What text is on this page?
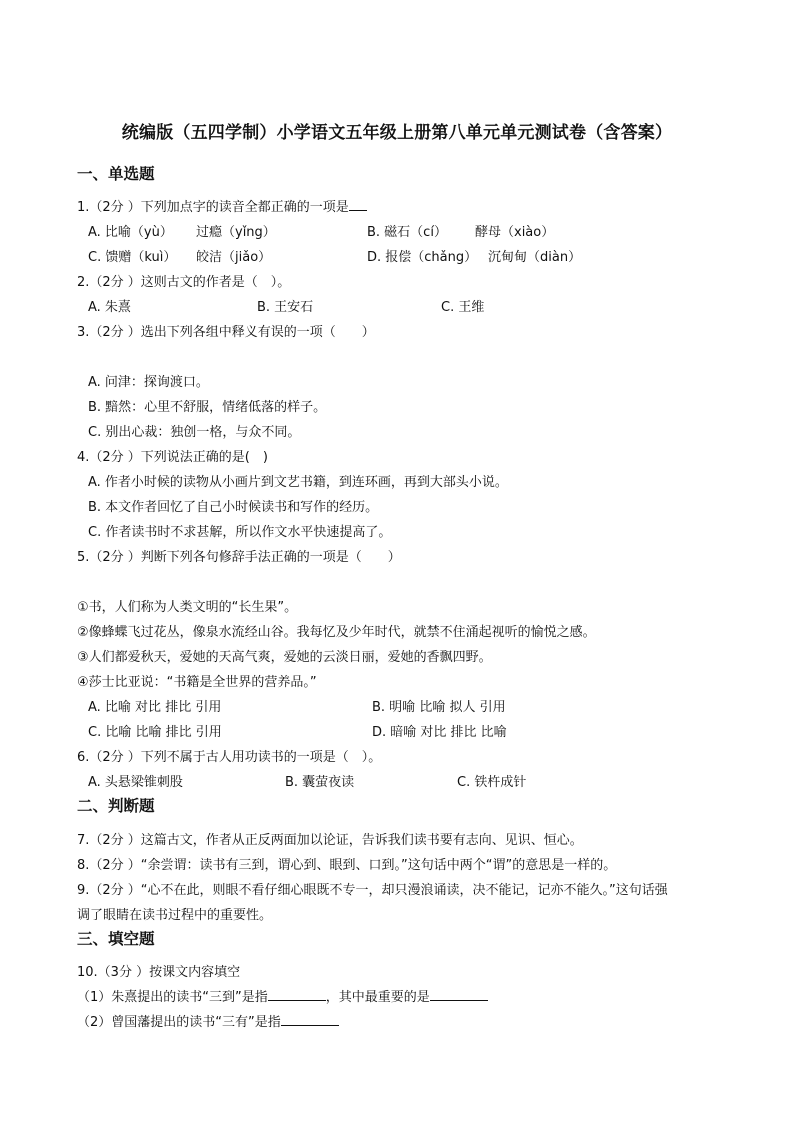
统编版（五四学制）小学语文五年级上册第八单元单元测试卷（含答案）
一、单选题
1.（2分 ）下列加点字的读音全都正确的一项是
A. 比喻（yù） 过瘾（yǐng）	B. 磁石（cí） 酵母（xiào）
C. 馈赠（kuì） 皎洁（jiǎo）	D. 报偿（chǎng） 沉甸甸（diàn）
2.（2分 ）这则古文的作者是（　）。
A. 朱熹	B. 王安石	C. 王维
3.（2分 ）选出下列各组中释义有误的一项（　　）
A. 问津：探询渡口。
B. 黯然：心里不舒服，情绪低落的样子。
C. 别出心裁：独创一格，与众不同。
4.（2分 ）下列说法正确的是(　)
A. 作者小时候的读物从小画片到文艺书籍，到连环画，再到大部头小说。
B. 本文作者回忆了自己小时候读书和写作的经历。
C. 作者读书时不求甚解，所以作文水平快速提高了。
5.（2分 ）判断下列各句修辞手法正确的一项是（　　）
①书，人们称为人类文明的“长生果”。
②像蜂蝶飞过花丛，像泉水流经山谷。我每忆及少年时代，就禁不住涌起视听的愉悦之感。
③人们都爱秋天，爱她的天高气爽，爱她的云淡日丽，爱她的香飘四野。
④莎士比亚说：“书籍是全世界的营养品。”
A. 比喻 对比 排比 引用	B. 明喻 比喻 拟人 引用
C. 比喻 比喻 排比 引用	D. 暗喻 对比 排比 比喻
6.（2分 ）下列不属于古人用功读书的一项是（　）。
A. 头悬梁锥刺股	B. 囊萤夜读	C. 铁杵成针
二、判断题
7.（2分 ）这篇古文，作者从正反两面加以论证，告诉我们读书要有志向、见识、恒心。
8.（2分 ）“余尝谓：读书有三到，谓心到、眼到、口到。”这句话中两个“谓”的意思是一样的。
9.（2分 ）“心不在此，则眼不看仔细心眼既不专一，却只漫浪诵读，决不能记，记亦不能久。”这句话强
调了眼睛在读书过程中的重要性。
三、填空题
10.（3分 ）按课文内容填空
（1）朱熹提出的读书“三到”是指	，其中最重要的是
（2）曾国藩提出的读书“三有”是指
